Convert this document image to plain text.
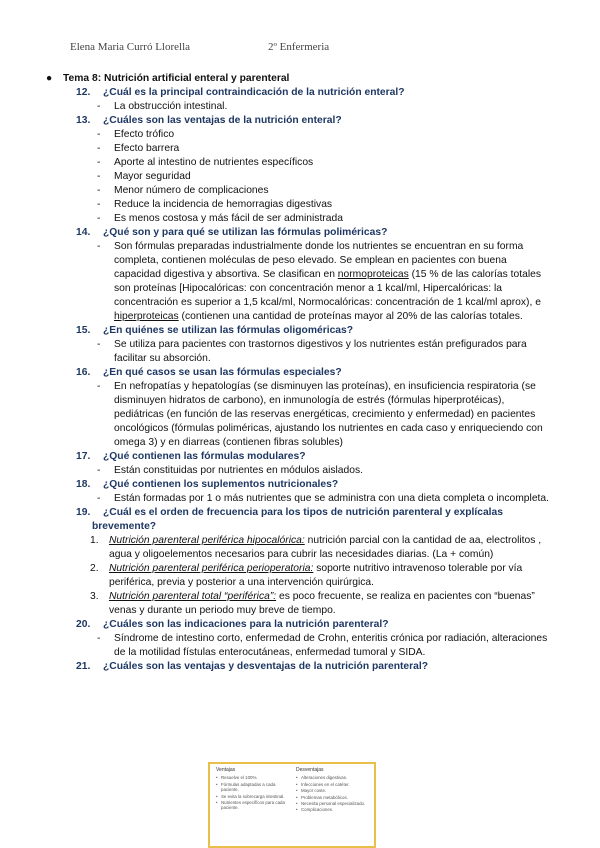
Elena Maria Curró Llorella	2º Enfermeria
● Tema 8: Nutrición artificial enteral y parenteral
12. ¿Cuál es la principal contraindicación de la nutrición enteral?
- La obstrucción intestinal.
13. ¿Cuáles son las ventajas de la nutrición enteral?
- Efecto trófico
- Efecto barrera
- Aporte al intestino de nutrientes específicos
- Mayor seguridad
- Menor número de complicaciones
- Reduce la incidencia de hemorragias digestivas
- Es menos costosa y más fácil de ser administrada
14. ¿Qué son y para qué se utilizan las fórmulas poliméricas?
- Son fórmulas preparadas industrialmente donde los nutrientes se encuentran en su forma completa, contienen moléculas de peso elevado. Se emplean en pacientes con buena capacidad digestiva y absortiva. Se clasifican en normoproteicas (15 % de las calorías totales son proteínas [Hipocalóricas: con concentración menor a 1 kcal/ml, Hipercalóricas: la concentración es superior a 1,5 kcal/ml, Normocalóricas: concentración de 1 kcal/ml aprox), e hiperproteicas (contienen una cantidad de proteínas mayor al 20% de las calorías totales.
15. ¿En quiénes se utilizan las fórmulas oligoméricas?
- Se utiliza para pacientes con trastornos digestivos y los nutrientes están prefigurados para facilitar su absorción.
16. ¿En qué casos se usan las fórmulas especiales?
- En nefropatías y hepatologías (se disminuyen las proteínas), en insuficiencia respiratoria (se disminuyen hidratos de carbono), en inmunología de estrés (fórmulas hiperprotéicas), pediátricas (en función de las reservas energéticas, crecimiento y enfermedad) en pacientes oncológicos (fórmulas poliméricas, ajustando los nutrientes en cada caso y enriqueciendo con omega 3) y en diarreas (contienen fibras solubles)
17. ¿Qué contienen las fórmulas modulares?
- Están constituidas por nutrientes en módulos aislados.
18. ¿Qué contienen los suplementos nutricionales?
- Están formadas por 1 o más nutrientes que se administra con una dieta completa o incompleta.
19. ¿Cuál es el orden de frecuencia para los tipos de nutrición parenteral y explícalas
brevemente?
1. Nutrición parenteral periférica hipocalórica: nutrición parcial con la cantidad de aa, electrolitos , agua y oligoelementos necesarios para cubrir las necesidades diarias. (La + común)
2. Nutrición parenteral periférica perioperatoria: soporte nutritivo intravenoso tolerable por vía periférica, previa y posterior a una intervención quirúrgica.
3. Nutrición parenteral total “periférica”: es poco frecuente, se realiza en pacientes con “buenas” venas y durante un periodo muy breve de tiempo.
20. ¿Cuáles son las indicaciones para la nutrición parenteral?
- Síndrome de intestino corto, enfermedad de Crohn, enteritis crónica por radiación, alteraciones de la motilidad fístulas enterocutáneas, enfermedad tumoral y SIDA.
21. ¿Cuáles son las ventajas y desventajas de la nutrición parenteral?
Ventajas
• Resuelve el 100%.
• Fórmulas adaptadas a cada paciente.
• Se evita la sobrecarga intestinal.
• Nutrientes específicos para cada paciente.
Desventajas
• Alteraciones digestivas.
• Infecciones en el catéter.
• Mayor coste.
• Problemas metabólicos.
• Necesita personal especializado.
• Complicaciones.
